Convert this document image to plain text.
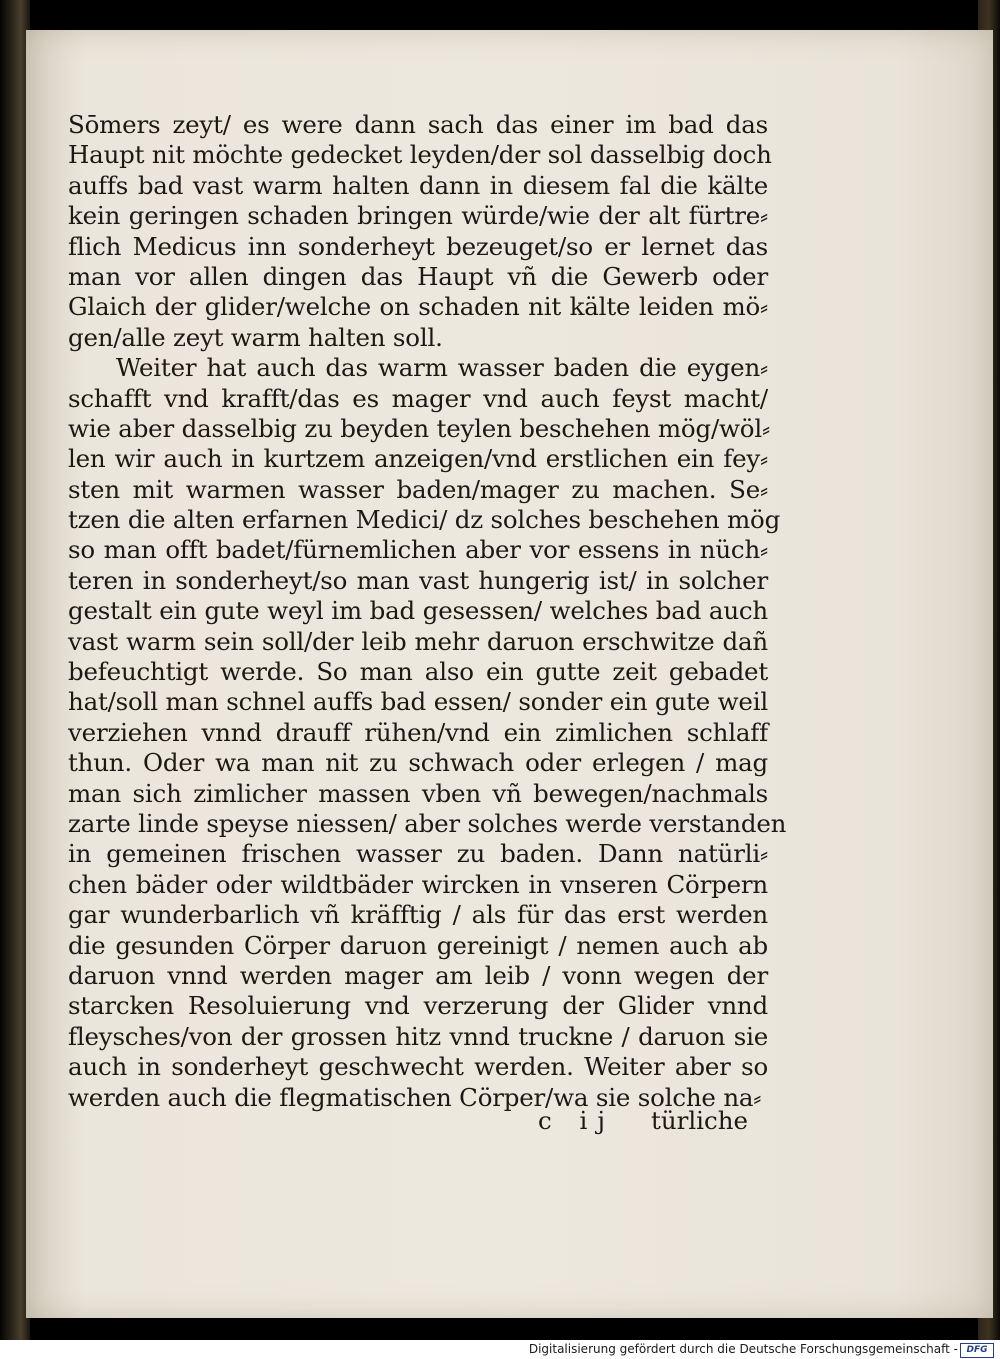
Sōmers zeyt/ es were dann sach das einer im bad das
Haupt nit möchte gedecket leyden/der sol dasselbig doch
auffs bad vast warm halten dann in diesem fal die kälte
kein geringen schaden bringen würde/wie der alt fürtre⸗
flich Medicus inn sonderheyt bezeuget/so er lernet das
man vor allen dingen das Haupt vñ die Gewerb oder
Glaich der glider/welche on schaden nit kälte leiden mö⸗
gen/alle zeyt warm halten soll.
Weiter hat auch das warm wasser baden die eygen⸗
schafft vnd krafft/das es mager vnd auch feyst macht/
wie aber dasselbig zu beyden teylen beschehen mög/wöl⸗
len wir auch in kurtzem anzeigen/vnd erstlichen ein fey⸗
sten mit warmen wasser baden/mager zu machen. Se⸗
tzen die alten erfarnen Medici/ dz solches beschehen mög
so man offt badet/fürnemlichen aber vor essens in nüch⸗
teren in sonderheyt/so man vast hungerig ist/ in solcher
gestalt ein gute weyl im bad gesessen/ welches bad auch
vast warm sein soll/der leib mehr daruon erschwitze dañ
befeuchtigt werde. So man also ein gutte zeit gebadet
hat/soll man schnel auffs bad essen/ sonder ein gute weil
verziehen vnnd drauff rühen/vnd ein zimlichen schlaff
thun. Oder wa man nit zu schwach oder erlegen / mag
man sich zimlicher massen vben vñ bewegen/nachmals
zarte linde speyse niessen/ aber solches werde verstanden
in gemeinen frischen wasser zu baden. Dann natürli⸗
chen bäder oder wildtbäder wircken in vnseren Cörpern
gar wunderbarlich vñ kräfftig / als für das erst werden
die gesunden Cörper daruon gereinigt / nemen auch ab
daruon vnnd werden mager am leib / vonn wegen der
starcken Resoluierung vnd verzerung der Glider vnnd
fleysches/von der grossen hitz vnnd truckne / daruon sie
auch in sonderheyt geschwecht werden. Weiter aber so
werden auch die flegmatischen Cörper/wa sie solche na⸗
c ij türliche
Digitalisierung gefördert durch die Deutsche Forschungsgemeinschaft - DFG
